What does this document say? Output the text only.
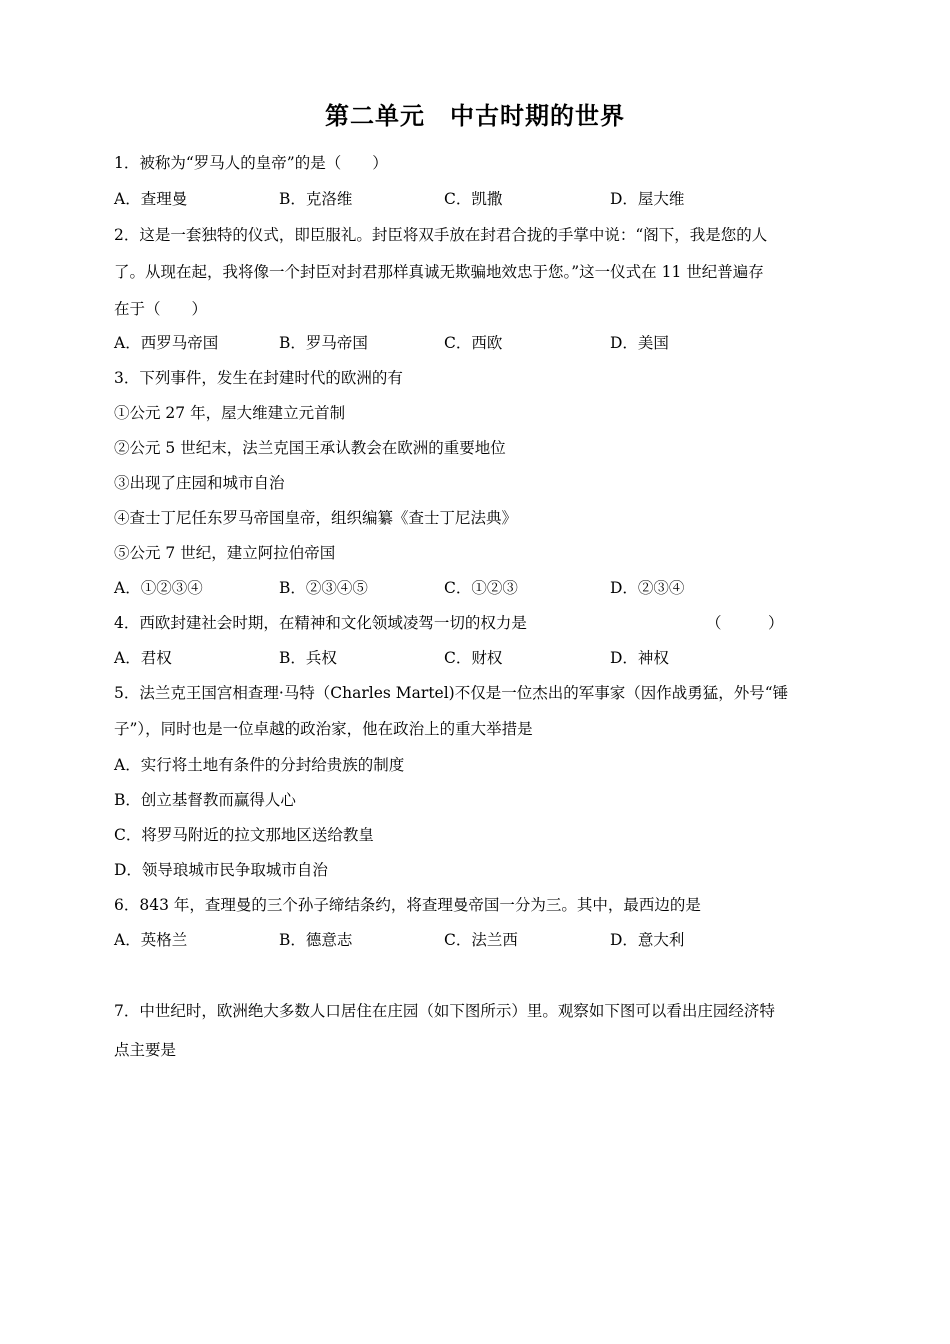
第二单元　中古时期的世界
1．被称为“罗马人的皇帝”的是（　　）
A．查理曼	B．克洛维	C．凯撒	D．屋大维
2．这是一套独特的仪式，即臣服礼。封臣将双手放在封君合拢的手掌中说：“阁下，我是您的人
了。从现在起，我将像一个封臣对封君那样真诚无欺骗地效忠于您。”这一仪式在 11 世纪普遍存
在于（　　）
A．西罗马帝国	B．罗马帝国	C．西欧	D．美国
3．下列事件，发生在封建时代的欧洲的有
①公元 27 年，屋大维建立元首制
②公元 5 世纪末，法兰克国王承认教会在欧洲的重要地位
③出现了庄园和城市自治
④查士丁尼任东罗马帝国皇帝，组织编纂《查士丁尼法典》
⑤公元 7 世纪，建立阿拉伯帝国
A．①②③④	B．②③④⑤	C．①②③	D．②③④
4．西欧封建社会时期，在精神和文化领域凌驾一切的权力是	（　　　）
A．君权	B．兵权	C．财权	D．神权
5．法兰克王国宫相查理·马特（Charles Martel)不仅是一位杰出的军事家（因作战勇猛，外号“锤
子”），同时也是一位卓越的政治家，他在政治上的重大举措是
A．实行将土地有条件的分封给贵族的制度
B．创立基督教而赢得人心
C．将罗马附近的拉文那地区送给教皇
D．领导琅城市民争取城市自治
6．843 年，查理曼的三个孙子缔结条约，将查理曼帝国一分为三。其中，最西边的是
A．英格兰	B．德意志	C．法兰西	D．意大利
7．中世纪时，欧洲绝大多数人口居住在庄园（如下图所示）里。观察如下图可以看出庄园经济特
点主要是
